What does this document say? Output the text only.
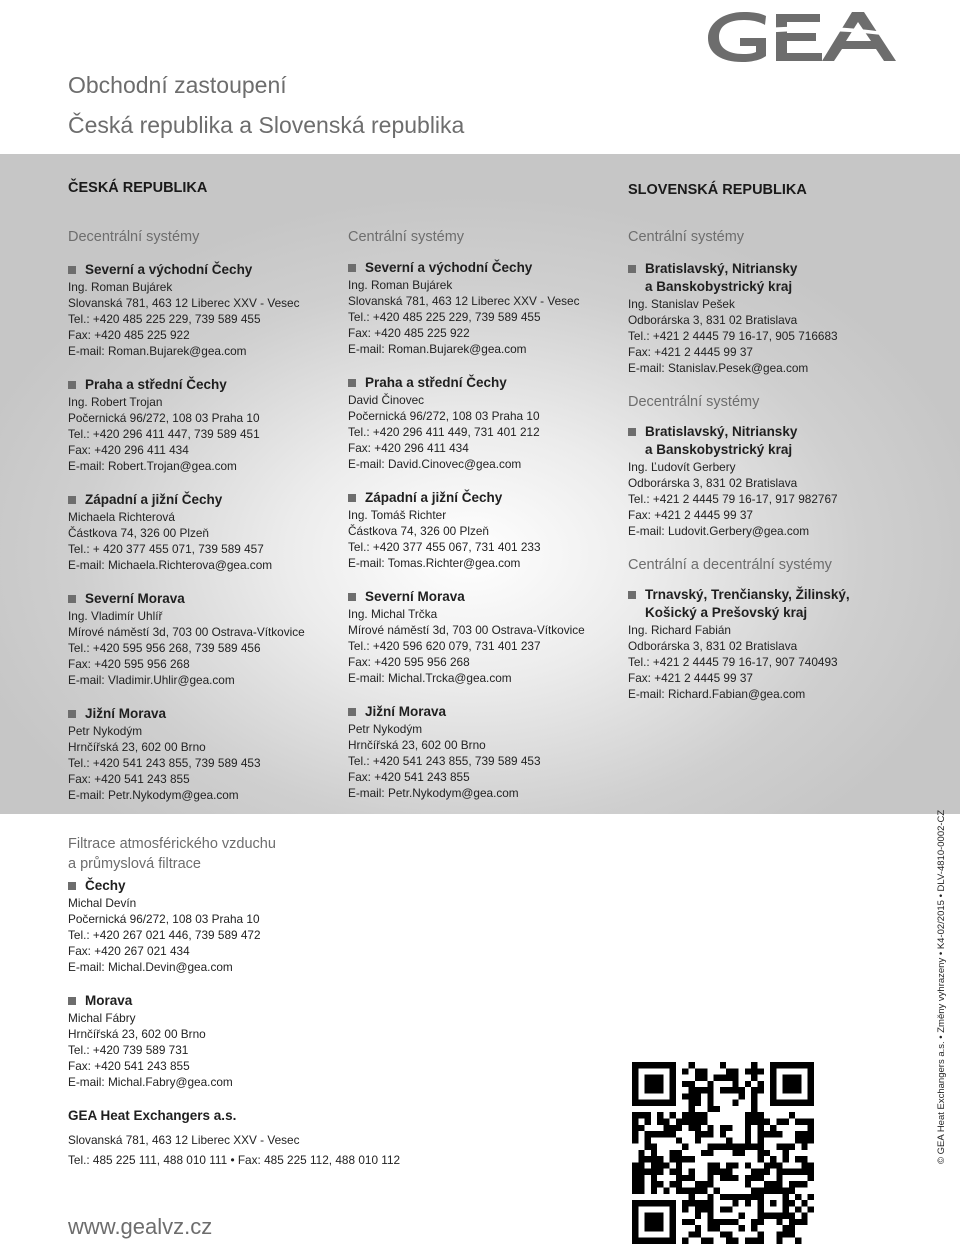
Obchodní zastoupení
Česká republika a Slovenská republika
ČESKÁ REPUBLIKA	SLOVENSKÁ REPUBLIKA
Decentrální systémy	Centrální systémy	Centrální systémy
Severní a východní Čechy
Ing. Roman Bujárek
Slovanská 781, 463 12 Liberec XXV - Vesec
Tel.: +420 485 225 229, 739 589 455
Fax: +420 485 225 922
E-mail: Roman.Bujarek@gea.com
Praha a střední Čechy
Ing. Robert Trojan
Počernická 96/272, 108 03 Praha 10
Tel.: +420 296 411 447, 739 589 451
Fax: +420 296 411 434
E-mail: Robert.Trojan@gea.com
Západní a jižní Čechy
Michaela Richterová
Částkova 74, 326 00 Plzeň
Tel.: + 420 377 455 071, 739 589 457
E-mail: Michaela.Richterova@gea.com
Severní Morava
Ing. Vladimír Uhlíř
Mírové náměstí 3d, 703 00 Ostrava-Vítkovice
Tel.: +420 595 956 268, 739 589 456
Fax: +420 595 956 268
E-mail: Vladimir.Uhlir@gea.com
Jižní Morava
Petr Nykodým
Hrnčířská 23, 602 00 Brno
Tel.: +420 541 243 855, 739 589 453
Fax: +420 541 243 855
E-mail: Petr.Nykodym@gea.com
Severní a východní Čechy
Ing. Roman Bujárek
Slovanská 781, 463 12 Liberec XXV - Vesec
Tel.: +420 485 225 229, 739 589 455
Fax: +420 485 225 922
E-mail: Roman.Bujarek@gea.com
Praha a střední Čechy
David Činovec
Počernická 96/272, 108 03 Praha 10
Tel.: +420 296 411 449, 731 401 212
Fax: +420 296 411 434
E-mail: David.Cinovec@gea.com
Západní a jižní Čechy
Ing. Tomáš Richter
Částkova 74, 326 00 Plzeň
Tel.: +420 377 455 067, 731 401 233
E-mail: Tomas.Richter@gea.com
Severní Morava
Ing. Michal Trčka
Mírové náměstí 3d, 703 00 Ostrava-Vítkovice
Tel.: +420 596 620 079, 731 401 237
Fax: +420 595 956 268
E-mail: Michal.Trcka@gea.com
Jižní Morava
Petr Nykodým
Hrnčířská 23, 602 00 Brno
Tel.: +420 541 243 855, 739 589 453
Fax: +420 541 243 855
E-mail: Petr.Nykodym@gea.com
Bratislavský, Nitriansky
a Banskobystrický kraj
Ing. Stanislav Pešek
Odborárska 3, 831 02 Bratislava
Tel.: +421 2 4445 79 16-17, 905 716683
Fax: +421 2 4445 99 37
E-mail: Stanislav.Pesek@gea.com
Decentrální systémy
Bratislavský, Nitriansky
a Banskobystrický kraj
Ing. Ľudovít Gerbery
Odborárska 3, 831 02 Bratislava
Tel.: +421 2 4445 79 16-17, 917 982767
Fax: +421 2 4445 99 37
E-mail: Ludovit.Gerbery@gea.com
Centrální a decentrální systémy
Trnavský, Trenčiansky, Žilinský,
Košický a Prešovský kraj
Ing. Richard Fabián
Odborárska 3, 831 02 Bratislava
Tel.: +421 2 4445 79 16-17, 907 740493
Fax: +421 2 4445 99 37
E-mail: Richard.Fabian@gea.com
Filtrace atmosférického vzduchu
a průmyslová filtrace
Čechy
Michal Devín
Počernická 96/272, 108 03 Praha 10
Tel.: +420 267 021 446, 739 589 472
Fax: +420 267 021 434
E-mail: Michal.Devin@gea.com
Morava
Michal Fábry
Hrnčířská 23, 602 00 Brno
Tel.: +420 739 589 731
Fax: +420 541 243 855
E-mail: Michal.Fabry@gea.com
GEA Heat Exchangers a.s.
Slovanská 781, 463 12 Liberec XXV - Vesec
Tel.: 485 225 111, 488 010 111 • Fax: 485 225 112, 488 010 112
www.gealvz.cz
© GEA Heat Exchangers a.s. • Změny vyhrazeny • K4-02/2015 • DLV-4810-0002-CZ
